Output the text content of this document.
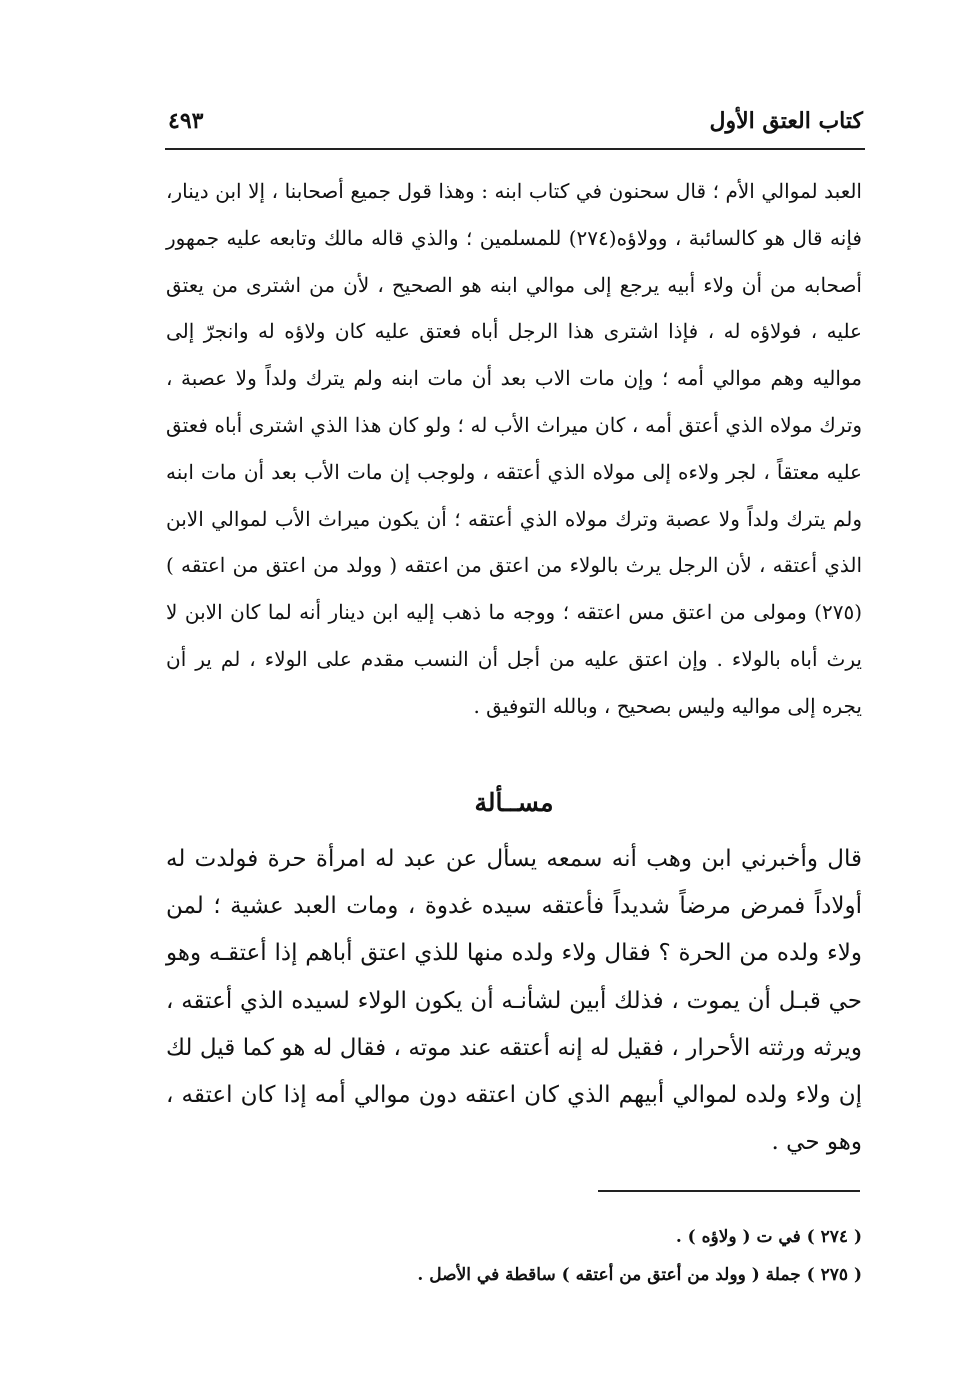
كتاب العتق الأول
٤٩٣

العبد لموالي الأم ؛ قال سحنون في كتاب ابنه : وهذا قول جميع أصحابنا ، إلا ابن دينار، فإنه قال هو كالسائبة ، وولاؤه(٢٧٤) للمسلمين ؛ والذي قاله مالك وتابعه عليه جمهور أصحابه من أن ولاء أبيه يرجع إلى موالي ابنه هو الصحيح ، لأن من اشترى من يعتق عليه ، فولاؤه له ، فإذا اشترى هذا الرجل أباه فعتق عليه كان ولاؤه له وانجرّ إلى مواليه وهم موالي أمه ؛ وإن مات الاب بعد أن مات ابنه ولم يترك ولداً ولا عصبة ، وترك مولاه الذي أعتق أمه ، كان ميراث الأب له ؛ ولو كان هذا الذي اشترى أباه فعتق عليه معتقاً ، لجر ولاءه إلى مولاه الذي أعتقه ، ولوجب إن مات الأب بعد أن مات ابنه ولم يترك ولداً ولا عصبة وترك مولاه الذي أعتقه ؛ أن يكون ميراث الأب لموالي الابن الذي أعتقه ، لأن الرجل يرث بالولاء من اعتق من اعتقه ( وولد من اعتق من اعتقه )(٢٧٥) ومولى من اعتق مس اعتقه ؛ ووجه ما ذهب إليه ابن دينار أنه لما كان الابن لا يرث أباه بالولاء . وإن اعتق عليه من أجل أن النسب مقدم على الولاء ، لم ير أن يجره إلى مواليه وليس بصحيح ، وبالله التوفيق .

مســألة

قال وأخبرني ابن وهب أنه سمعه يسأل عن عبد له امرأة حرة فولدت له أولاداً فمرض مرضاً شديداً فأعتقه سيده غدوة ، ومات العبد عشية ؛ لمن ولاء ولده من الحرة ؟ فقال ولاء ولده منها للذي اعتق أباهم إذا أعتقـه وهو حي قبـل أن يموت ، فذلك أبين لشأنـه أن يكون الولاء لسيده الذي أعتقه ، ويرثه ورثته الأحرار ، فقيل له إنه أعتقه عند موته ، فقال له هو كما قيل لك إن ولاء ولده لموالي أبيهم الذي كان اعتقه دون موالي أمه إذا كان اعتقه ، وهو حي .

( ٢٧٤ ) في ت ( ولاؤه ) .
( ٢٧٥ ) جملة ( وولد من أعتق من أعتقه ) ساقطة في الأصل .
